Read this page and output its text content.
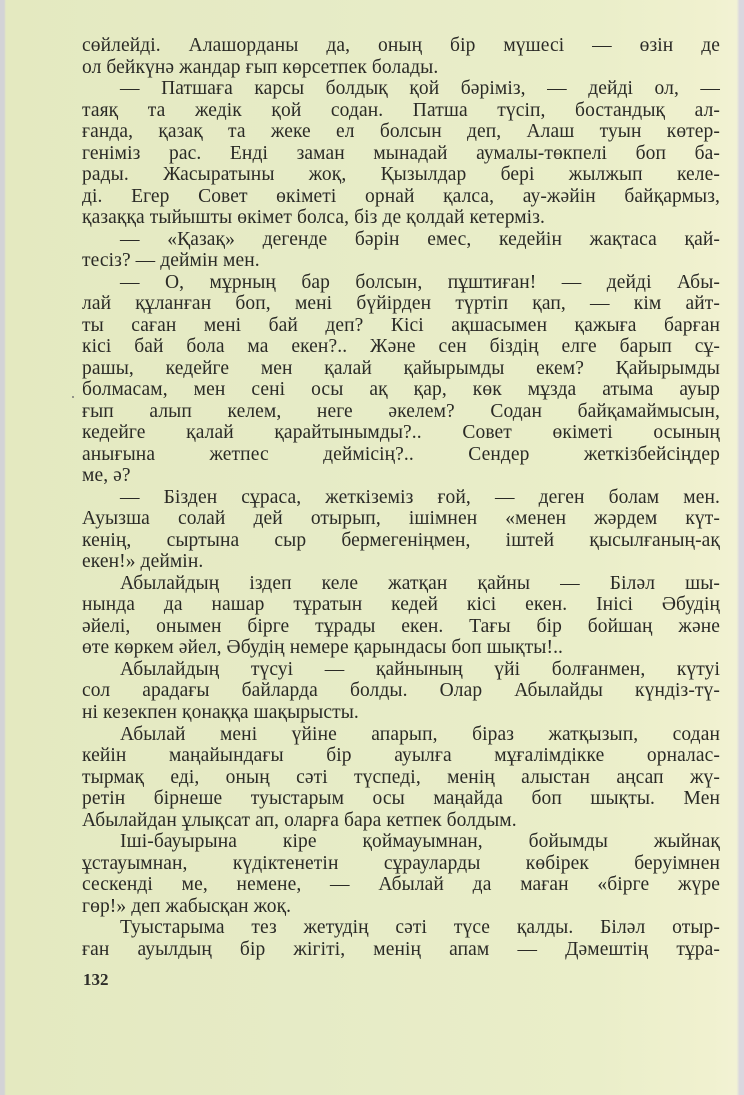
сөйлейді. Алашорданы да, оның бір мүшесі — өзін де
ол бейкүнә жандар ғып көрсетпек болады.
— Патшаға карсы болдық қой бәріміз, — дейді ол, —
таяқ та жедік қой содан. Патша түсіп, бостандық ал-
ғанда, қазақ та жеке ел болсын деп, Алаш туын көтер-
геніміз рас. Енді заман мынадай аумалы-төкпелі боп ба-
рады. Жасыратыны жоқ, Қызылдар бері жылжып келе-
ді. Егер Совет өкіметі орнай қалса, ау-жәйін байқармыз,
қазаққа тыйышты өкімет болса, біз де қолдай кетерміз.
— «Қазақ» дегенде бәрін емес, кедейін жақтаса қай-
тесіз? — деймін мен.
— О, мұрның бар болсын, пұштиған! — дейді Абы-
лай құланған боп, мені бүйірден түртіп қап, — кім айт-
ты саған мені бай деп? Кісі ақшасымен қажыға барған
кісі бай бола ма екен?.. Және сен біздің елге барып сұ-
рашы, кедейге мен қалай қайырымды екем? Қайырымды
болмасам, мен сені осы ақ қар, көк мұзда атыма ауыр
ғып алып келем, неге әкелем? Содан байқамаймысын,
кедейге қалай қарайтынымды?.. Совет өкіметі осының
анығына жетпес деймісің?.. Сендер жеткізбейсіңдер
ме, ә?
— Бізден сұраса, жеткіземіз ғой, — деген болам мен.
Ауызша солай дей отырып, ішімнен «менен жәрдем күт-
кенің, сыртына сыр бермегеніңмен, іштей қысылғаның-ақ
екен!» деймін.
Абылайдың іздеп келе жатқан қайны — Біләл шы-
нында да нашар тұратын кедей кісі екен. Інісі Әбудің
әйелі, онымен бірге тұрады екен. Тағы бір бойшаң және
өте көркем әйел, Әбудің немере қарындасы боп шықты!..
Абылайдың түсуі — қайнының үйі болғанмен, күтуі
сол арадағы байларда болды. Олар Абылайды күндіз-тү-
ні кезекпен қонаққа шақырысты.
Абылай мені үйіне апарып, біраз жатқызып, содан
кейін маңайындағы бір ауылға мұғалімдікке орналас-
тырмақ еді, оның сәті түспеді, менің алыстан аңсап жү-
ретін бірнеше туыстарым осы маңайда боп шықты. Мен
Абылайдан ұлықсат ап, оларға бара кетпек болдым.
Іші-бауырына кіре қоймауымнан, бойымды жыйнақ
ұстауымнан, күдіктенетін сұрауларды көбірек беруімнен
сескенді ме, немене, — Абылай да маған «бірге жүре
гөр!» деп жабысқан жоқ.
Туыстарыма тез жетудің сәті түсе қалды. Біләл отыр-
ған ауылдың бір жігіті, менің апам — Дәмештің тұра-
132
